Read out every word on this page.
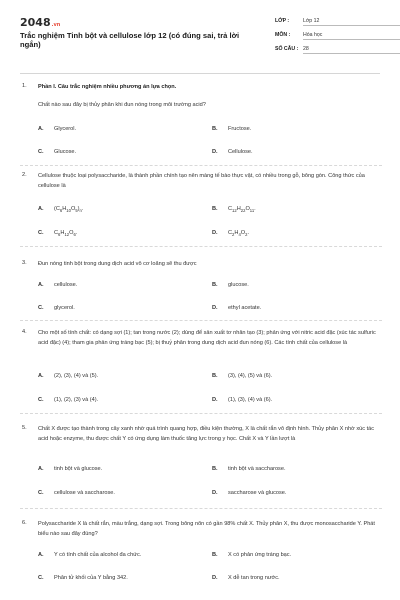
2048.vn
Trắc nghiệm Tinh bột và cellulose lớp 12 (có đúng sai, trả lời ngắn)
LỚP :	Lớp 12
MÔN : Hóa học
SỐ CÂU : 28
1. Phần I. Câu trắc nghiệm nhiều phương án lựa chọn.
Chất nào sau đây bị thủy phân khi đun nóng trong môi trường acid?
A. Glycerol.	B. Fructose.
C. Glucose.	D. Cellulose.
2. Cellulose thuộc loại polysaccharide, là thành phần chính tạo nên màng tế bào thực vật, có nhiều trong gỗ, bông gòn. Công thức của cellulose là
A. $(C_6H_{10}O_5)_n$.	B. $C_{12}H_{22}O_{11}$.
C. $C_6H_{12}O_6$.	D. $C_2H_4O_2$.
3. Đun nóng tinh bột trong dung dịch acid vô cơ loãng sẽ thu được
A. cellulose.	B. glucose.
C. glycerol.	D. ethyl acetate.
4. Cho một số tính chất: có dạng sợi (1); tan trong nước (2); dùng để sản xuất tơ nhân tạo (3); phản ứng với nitric acid đặc (xúc tác sulfuric acid đặc) (4); tham gia phản ứng tráng bạc (5); bị thuỷ phân trong dung dịch acid đun nóng (6). Các tính chất của cellulose là
A. (2), (3), (4) và (5).	B. (3), (4), (5) và (6).
C. (1), (2), (3) và (4).	D. (1), (3), (4) và (6).
5. Chất X được tạo thành trong cây xanh nhờ quá trình quang hợp, điều kiện thường, X là chất rắn vô định hình. Thủy phân X nhờ xúc tác acid hoặc enzyme, thu được chất Y có ứng dụng làm thuốc tăng lực trong y học. Chất X và Y lần lượt là
A. tinh bột và glucose.	B. tinh bột và saccharose.
C. cellulose và saccharose.	D. saccharose và glucose.
6. Polysaccharide X là chất rắn, màu trắng, dạng sợi. Trong bông nõn có gần 98% chất X. Thủy phân X, thu được monosaccharide Y. Phát biểu nào sau đây đúng?
A. Y có tính chất của alcohol đa chức.	B. X có phản ứng tráng bạc.
C. Phân tử khối của Y bằng 342.	D. X dễ tan trong nước.
